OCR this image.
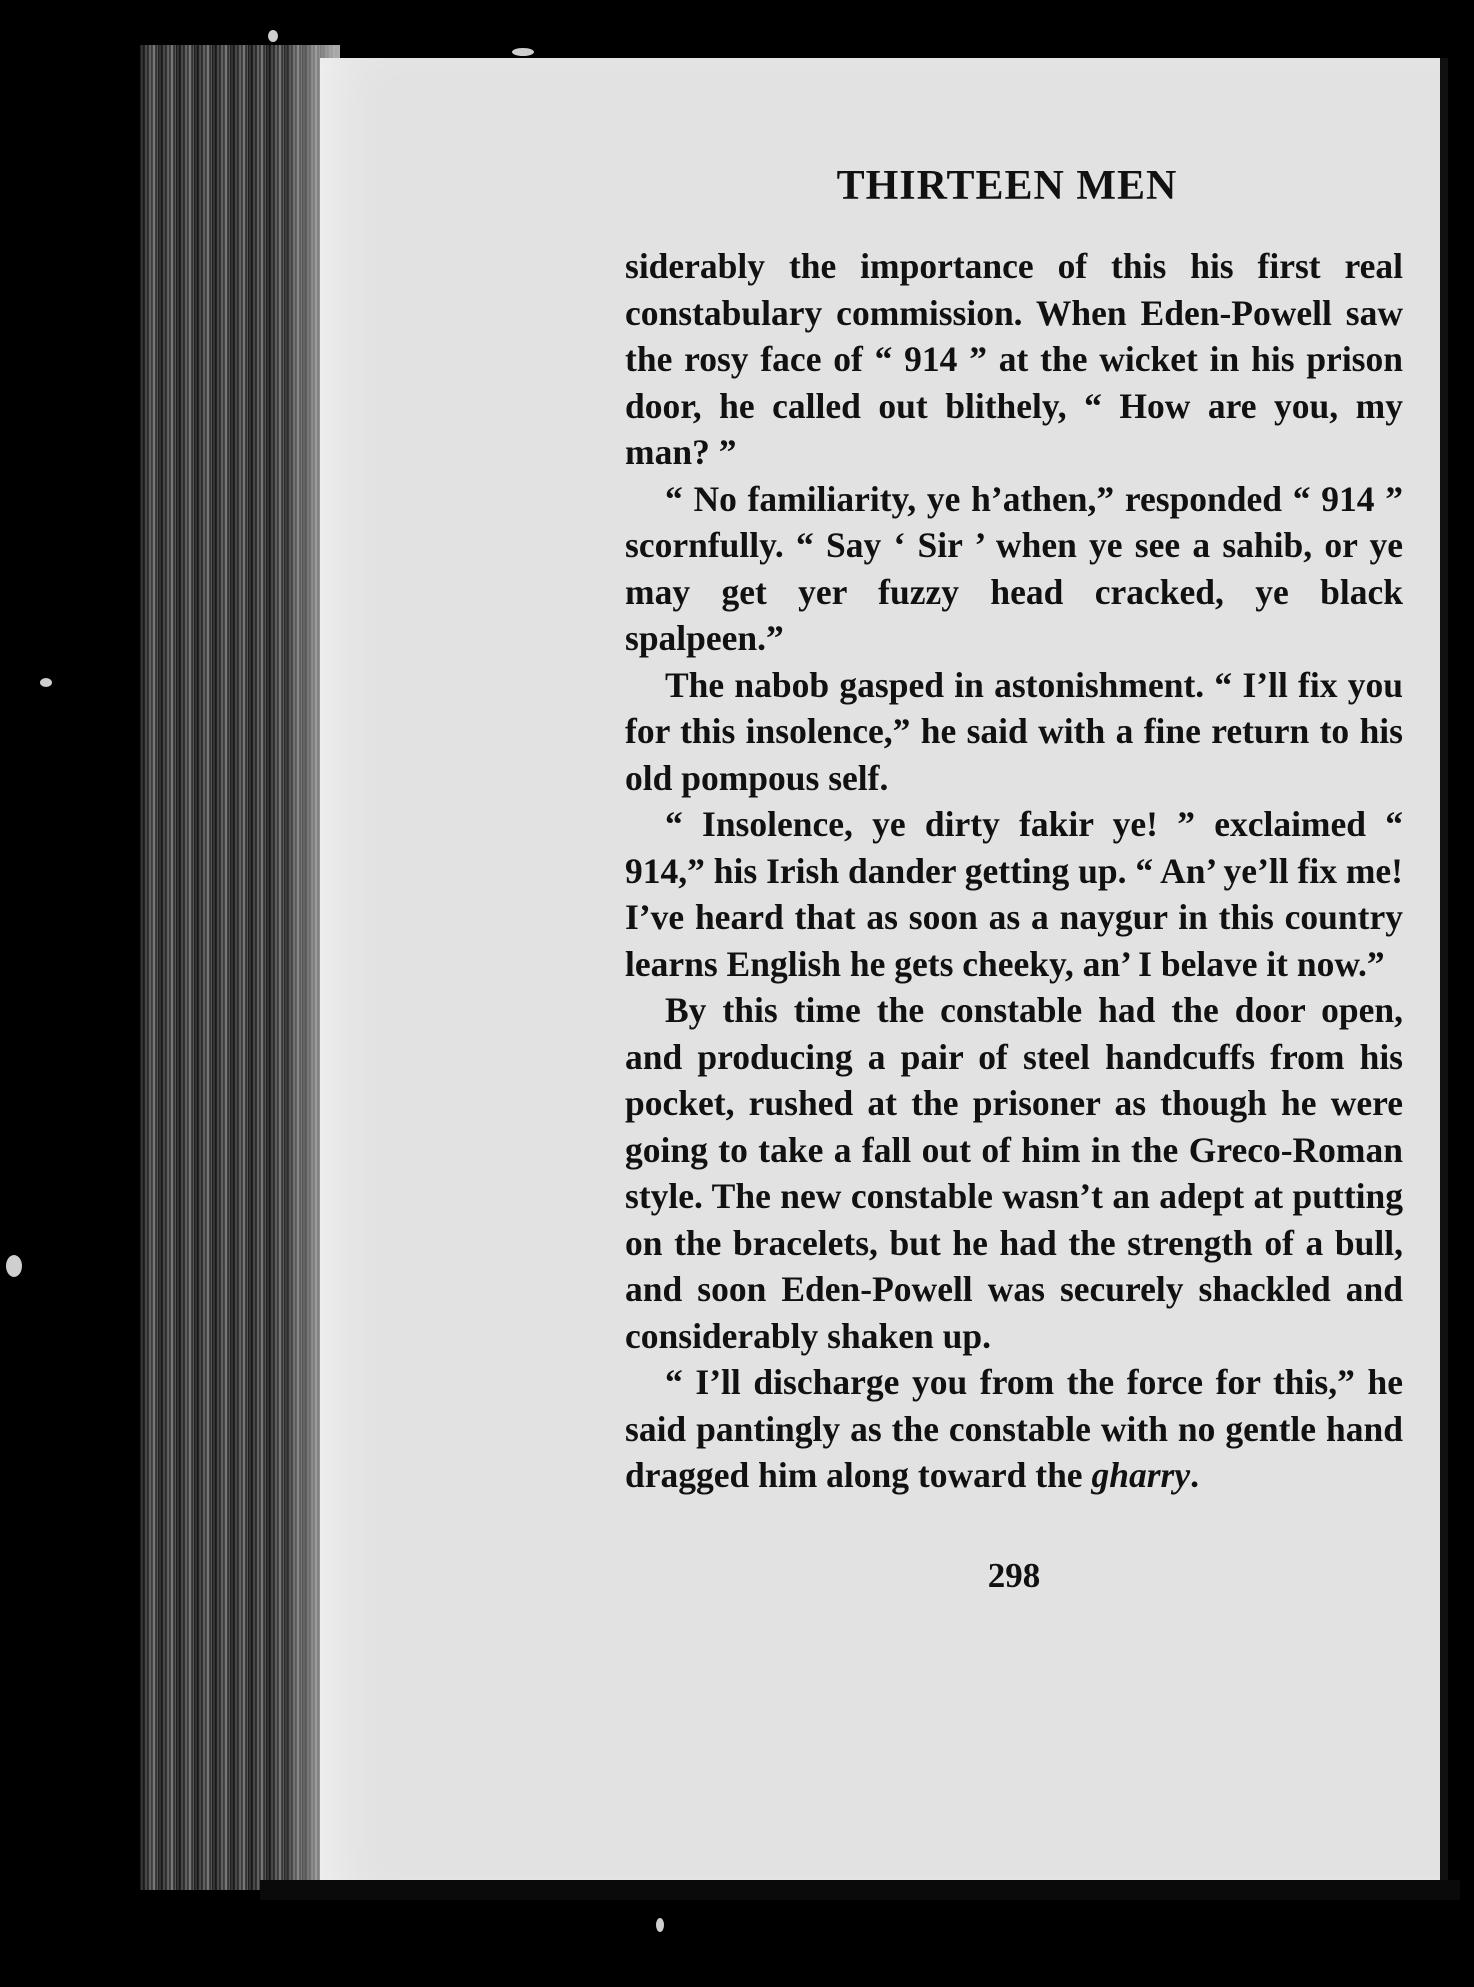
THIRTEEN MEN

siderably the importance of this his first real constabulary commission. When Eden-Powell saw the rosy face of “ 914 ” at the wicket in his prison door, he called out blithely, “ How are you, my man? ”

“ No familiarity, ye h’athen,” responded “ 914 ” scornfully. “ Say ‘ Sir ’ when ye see a sahib, or ye may get yer fuzzy head cracked, ye black spalpeen.”

The nabob gasped in astonishment. “ I’ll fix you for this insolence,” he said with a fine return to his old pompous self.

“ Insolence, ye dirty fakir ye! ” exclaimed “ 914,” his Irish dander getting up. “ An’ ye’ll fix me! I’ve heard that as soon as a naygur in this country learns English he gets cheeky, an’ I belave it now.”

By this time the constable had the door open, and producing a pair of steel handcuffs from his pocket, rushed at the prisoner as though he were going to take a fall out of him in the Greco-Roman style. The new constable wasn’t an adept at putting on the bracelets, but he had the strength of a bull, and soon Eden-Powell was securely shackled and considerably shaken up.

“ I’ll discharge you from the force for this,” he said pantingly as the constable with no gentle hand dragged him along toward the gharry.

298
